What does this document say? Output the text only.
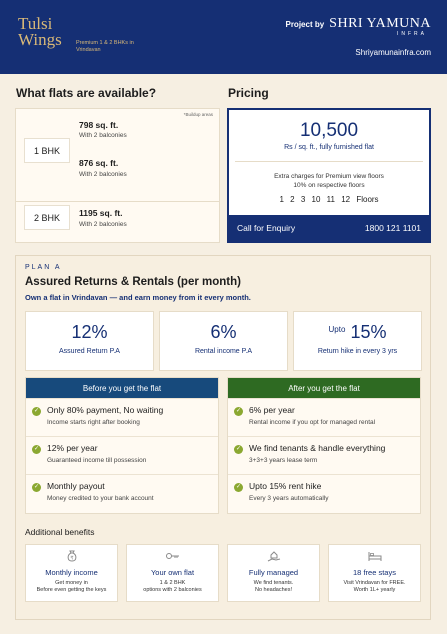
Tulsi
Wings	Premium 1 & 2 BHKs in Vrindavan
Project by SHRI YAMUNA
INFRA
Shriyamunainfra.com
What flats are available?
*Buildup areas
1 BHK
798 sq. ft.
With 2 balconies
876 sq. ft.
With 2 balconies
2 BHK	1195 sq. ft.
With 2 balconies
Pricing
10,500
Rs / sq. ft., fully furnished flat
Extra charges for Premium view floors
10% on respective floors
1 2 3 10 11 12 Floors
Call for Enquiry	1800 121 1101
PLAN A
Assured Returns & Rentals (per month)
Own a flat in Vrindavan — and earn money from it every month.
12%
Assured Return P.A
6%
Rental income P.A
$^{Upto}$ 15%
Return hike in every 3 yrs
Before you get the flat
✓ Only 80% payment, No waiting
Income starts right after booking
✓ 12% per year
Guaranteed income till possession
✓ Monthly payout
Money credited to your bank account
After you get the flat
✓ 6% per year
Rental income if you opt for managed rental
✓ We find tenants & handle everything
3+3+3 years lease term
✓ Upto 15% rent hike
Every 3 years automatically
Additional benefits
₹
Monthly income
Get money in
Before even getting the keys
Your own flat
1 & 2 BHK
options with 2 balconies
Fully managed
We find tenants.
No headaches!
18 free stays
Visit Vrindavan for FREE.
Worth 1L+ yearly
